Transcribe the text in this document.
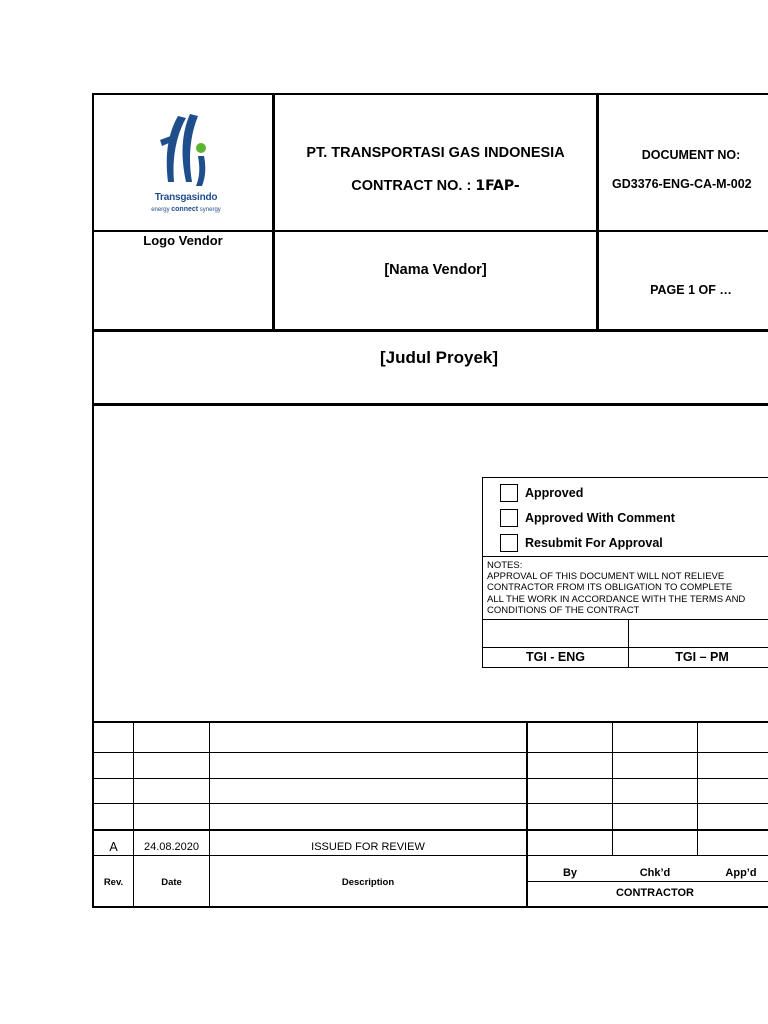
Transgasindo
energy connect synergy
PT. TRANSPORTASI GAS INDONESIA
CONTRACT NO. : 1FAP-
DOCUMENT NO:
GD3376-ENG-CA-M-002
Logo Vendor
[Nama Vendor]
PAGE 1 OF …
[Judul Proyek]
Approved
Approved With Comment
Resubmit For Approval
NOTES:
APPROVAL OF THIS DOCUMENT WILL NOT RELIEVE
CONTRACTOR FROM ITS OBLIGATION TO COMPLETE
ALL THE WORK IN ACCORDANCE WITH THE TERMS AND
CONDITIONS OF THE CONTRACT
TGI - ENG	TGI – PM
A	24.08.2020	ISSUED FOR REVIEW
Rev.	Date	Description
By	Chk’d	App’d
CONTRACTOR
